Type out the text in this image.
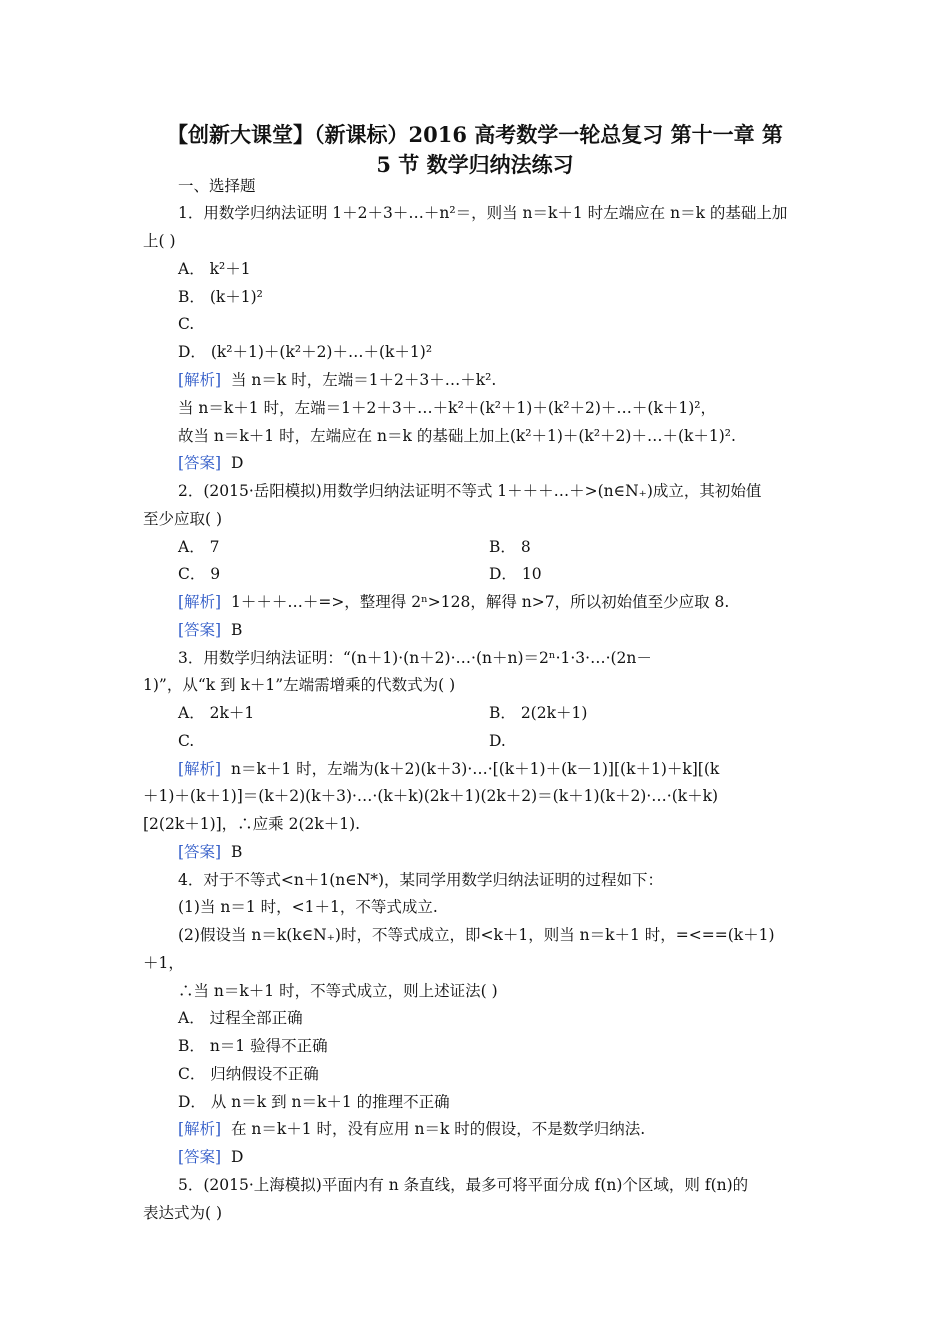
【创新大课堂】（新课标）2016 高考数学一轮总复习 第十一章 第
5 节 数学归纳法练习
一、选择题
1．用数学归纳法证明 1＋2＋3＋…＋n²＝，则当 n＝k＋1 时左端应在 n＝k 的基础上加
上( )
A． k²＋1
B． (k＋1)²
C.
D． (k²＋1)＋(k²＋2)＋…＋(k＋1)²
[解析] 当 n＝k 时，左端＝1＋2＋3＋…＋k².
当 n＝k＋1 时，左端＝1＋2＋3＋…＋k²＋(k²＋1)＋(k²＋2)＋…＋(k＋1)²，
故当 n＝k＋1 时，左端应在 n＝k 的基础上加上(k²＋1)＋(k²＋2)＋…＋(k＋1)².
[答案] D
2．(2015·岳阳模拟)用数学归纳法证明不等式 1＋＋＋…＋>(n∈N₊)成立，其初始值
至少应取( )
A． 7	B． 8
C． 9	D． 10
[解析] 1＋＋＋…＋=>，整理得 2ⁿ>128，解得 n>7，所以初始值至少应取 8.
[答案] B
3．用数学归纳法证明：“(n＋1)·(n＋2)·…·(n＋n)＝2ⁿ·1·3·…·(2n－
1)”，从“k 到 k＋1”左端需增乘的代数式为( )
A． 2k＋1	B． 2(2k＋1)
C.	D.
[解析] n＝k＋1 时，左端为(k＋2)(k＋3)·…·[(k＋1)＋(k－1)][(k＋1)＋k][(k
＋1)＋(k＋1)]＝(k＋2)(k＋3)·…·(k＋k)(2k＋1)(2k＋2)＝(k＋1)(k＋2)·…·(k＋k)
[2(2k＋1)]，∴应乘 2(2k＋1).
[答案] B
4．对于不等式<n＋1(n∈N*)，某同学用数学归纳法证明的过程如下：
(1)当 n＝1 时，<1＋1，不等式成立.
(2)假设当 n＝k(k∈N₊)时，不等式成立，即<k＋1，则当 n＝k＋1 时，=<==(k＋1)
＋1，
∴当 n＝k＋1 时，不等式成立，则上述证法( )
A． 过程全部正确
B． n＝1 验得不正确
C． 归纳假设不正确
D． 从 n＝k 到 n＝k＋1 的推理不正确
[解析] 在 n＝k＋1 时，没有应用 n＝k 时的假设，不是数学归纳法.
[答案] D
5．(2015·上海模拟)平面内有 n 条直线，最多可将平面分成 f(n)个区域，则 f(n)的
表达式为( )
